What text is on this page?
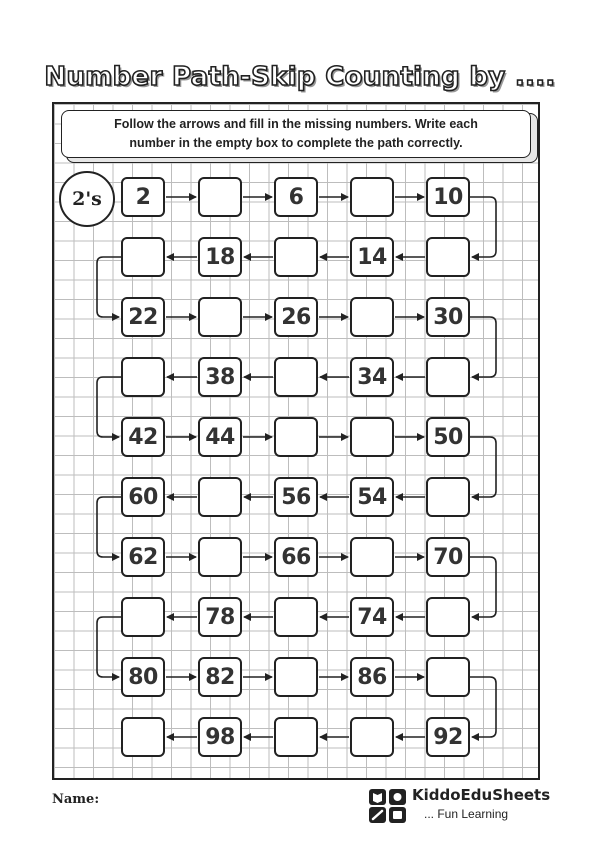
Number Path-Skip Counting by ....
Follow the arrows and fill in the missing numbers. Write each
number in the empty box to complete the path correctly.
2's	2	6	10
18	14
22	26	30
38	34
42	44	50
60	56	54
62	66	70
78	74
80	82	86
98	92
Name:	KiddoEduSheets
... Fun Learning
